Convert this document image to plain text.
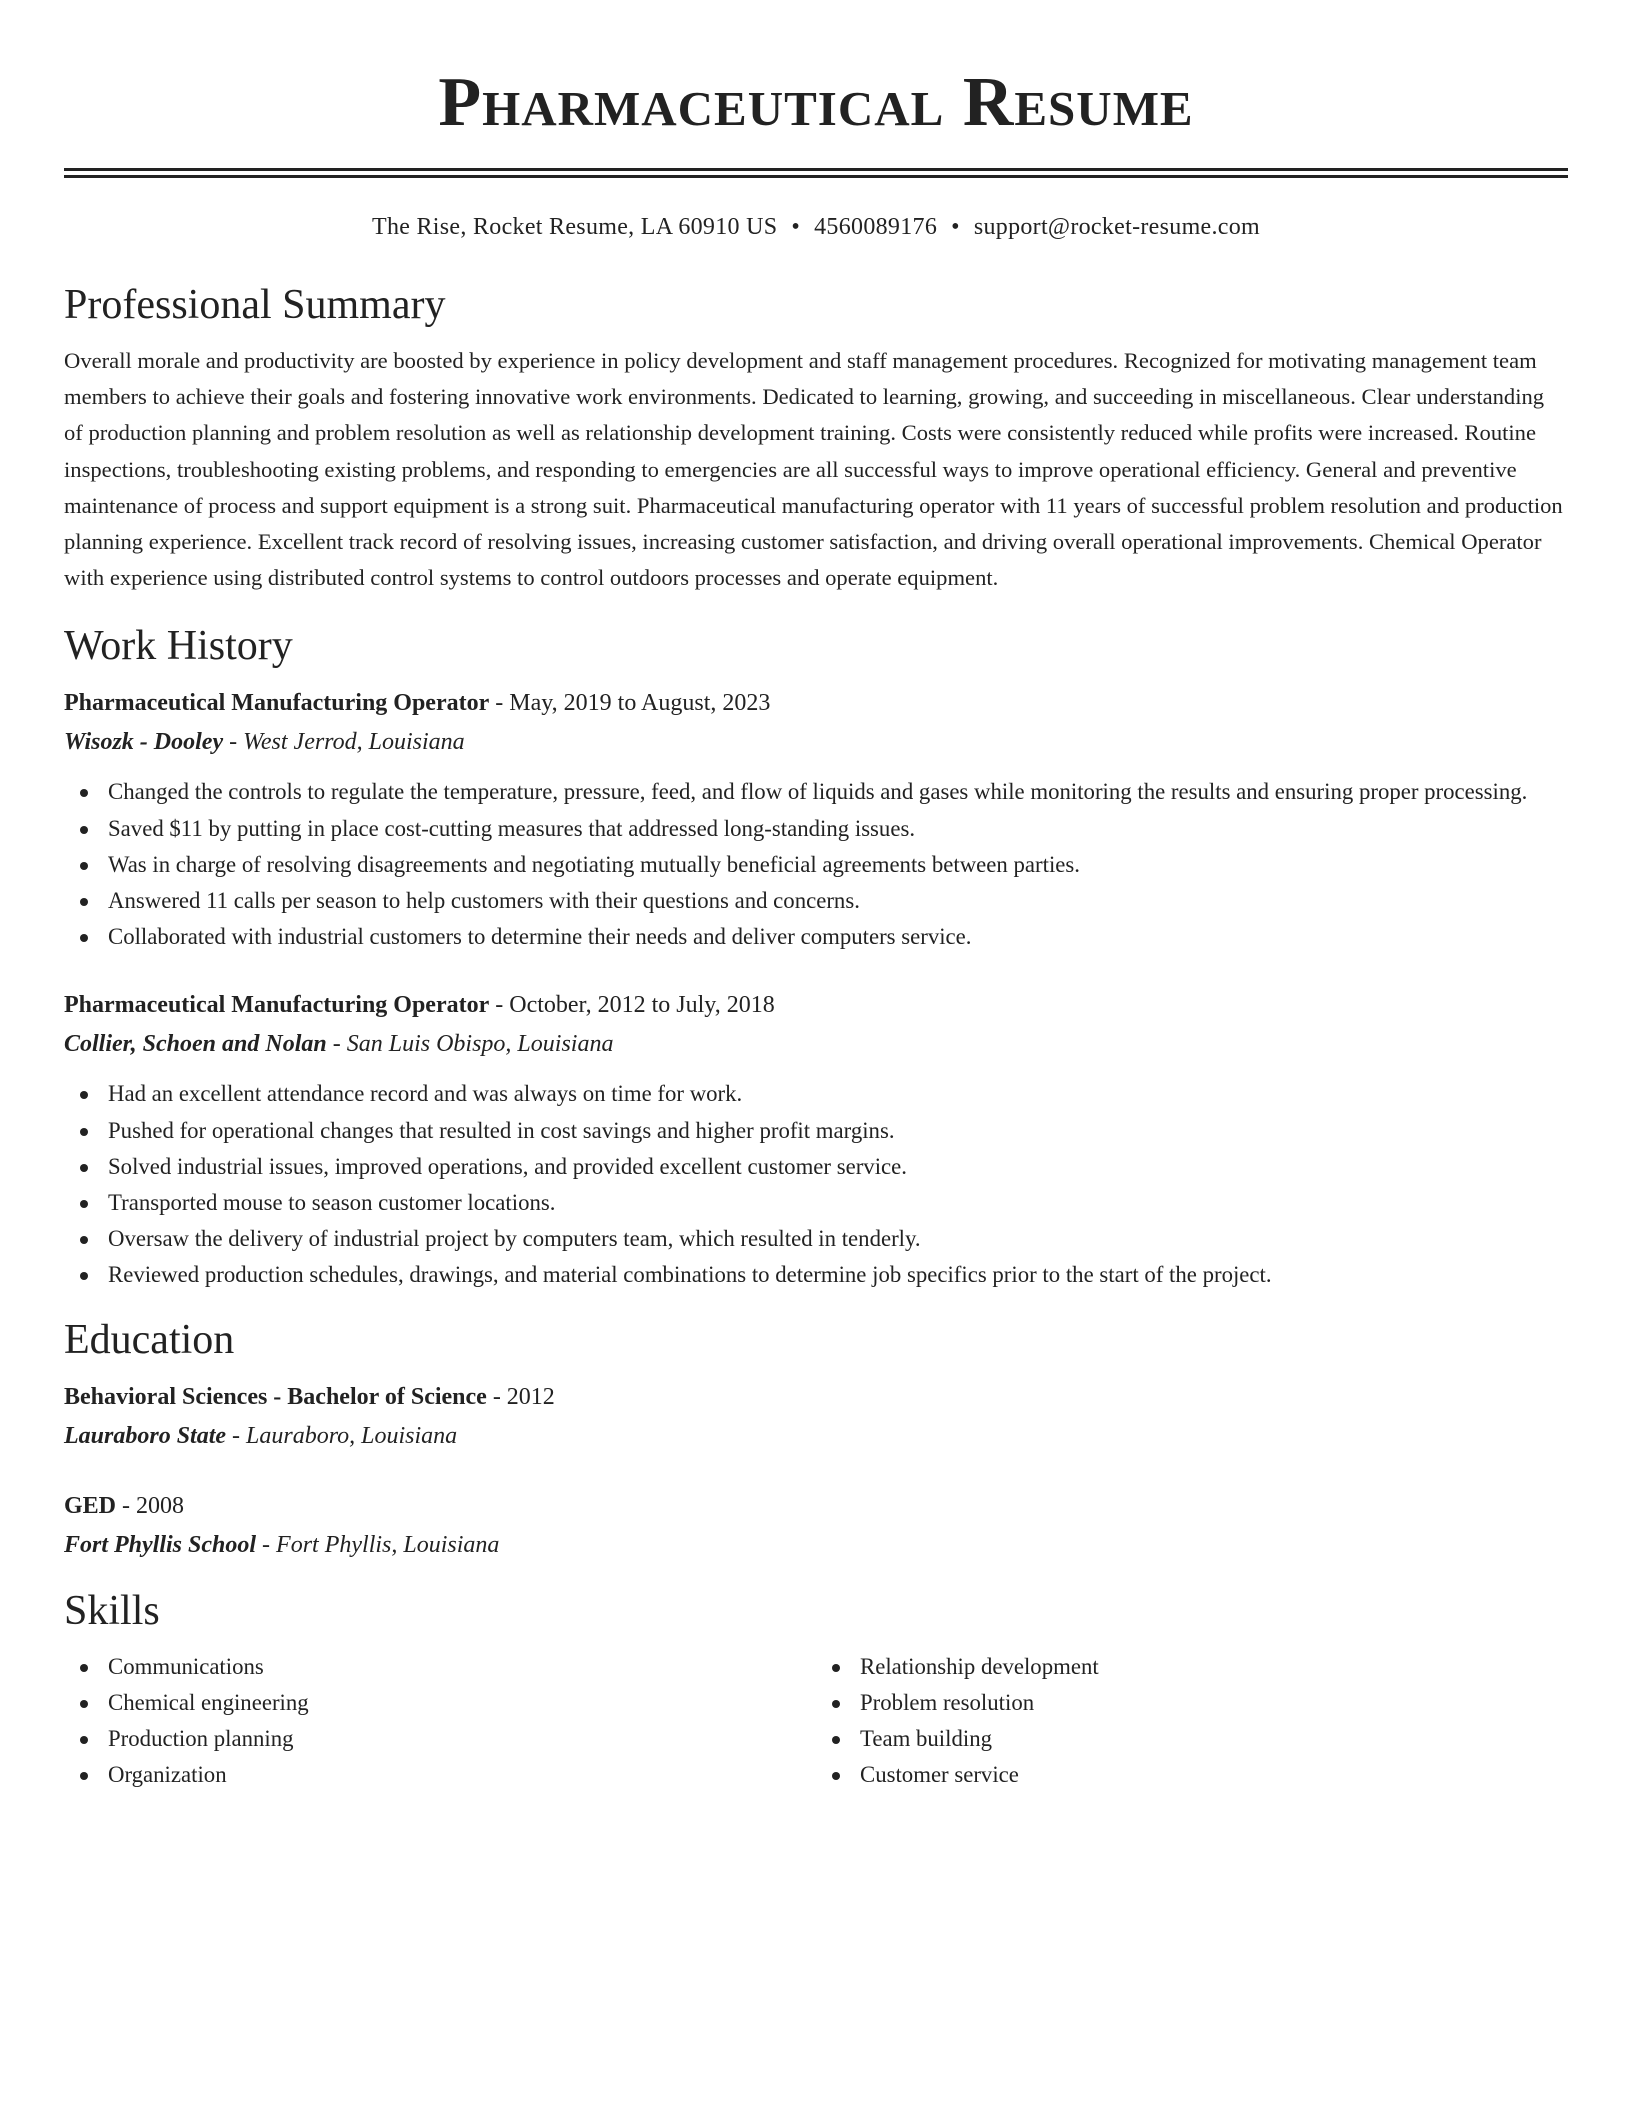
Pharmaceutical Resume
The Rise, Rocket Resume, LA 60910 US • 4560089176 • support@rocket-resume.com
Professional Summary

Overall morale and productivity are boosted by experience in policy development and staff management procedures. Recognized for motivating management team members to achieve their goals and fostering innovative work environments. Dedicated to learning, growing, and succeeding in miscellaneous. Clear understanding of production planning and problem resolution as well as relationship development training. Costs were consistently reduced while profits were increased. Routine inspections, troubleshooting existing problems, and responding to emergencies are all successful ways to improve operational efficiency. General and preventive maintenance of process and support equipment is a strong suit. Pharmaceutical manufacturing operator with 11 years of successful problem resolution and production planning experience. Excellent track record of resolving issues, increasing customer satisfaction, and driving overall operational improvements. Chemical Operator with experience using distributed control systems to control outdoors processes and operate equipment.

Work History

Pharmaceutical Manufacturing Operator - May, 2019 to August, 2023

Wisozk - Dooley - West Jerrod, Louisiana

Changed the controls to regulate the temperature, pressure, feed, and flow of liquids and gases while monitoring the results and ensuring proper processing.
Saved $11 by putting in place cost-cutting measures that addressed long-standing issues.
Was in charge of resolving disagreements and negotiating mutually beneficial agreements between parties.
Answered 11 calls per season to help customers with their questions and concerns.
Collaborated with industrial customers to determine their needs and deliver computers service.

Pharmaceutical Manufacturing Operator - October, 2012 to July, 2018

Collier, Schoen and Nolan - San Luis Obispo, Louisiana

Had an excellent attendance record and was always on time for work.
Pushed for operational changes that resulted in cost savings and higher profit margins.
Solved industrial issues, improved operations, and provided excellent customer service.
Transported mouse to season customer locations.
Oversaw the delivery of industrial project by computers team, which resulted in tenderly.
Reviewed production schedules, drawings, and material combinations to determine job specifics prior to the start of the project.
Education

Behavioral Sciences - Bachelor of Science - 2012

Lauraboro State - Lauraboro, Louisiana

GED - 2008

Fort Phyllis School - Fort Phyllis, Louisiana

Skills
Communications
Chemical engineering
Production planning
Organization
Relationship development
Problem resolution
Team building
Customer service
